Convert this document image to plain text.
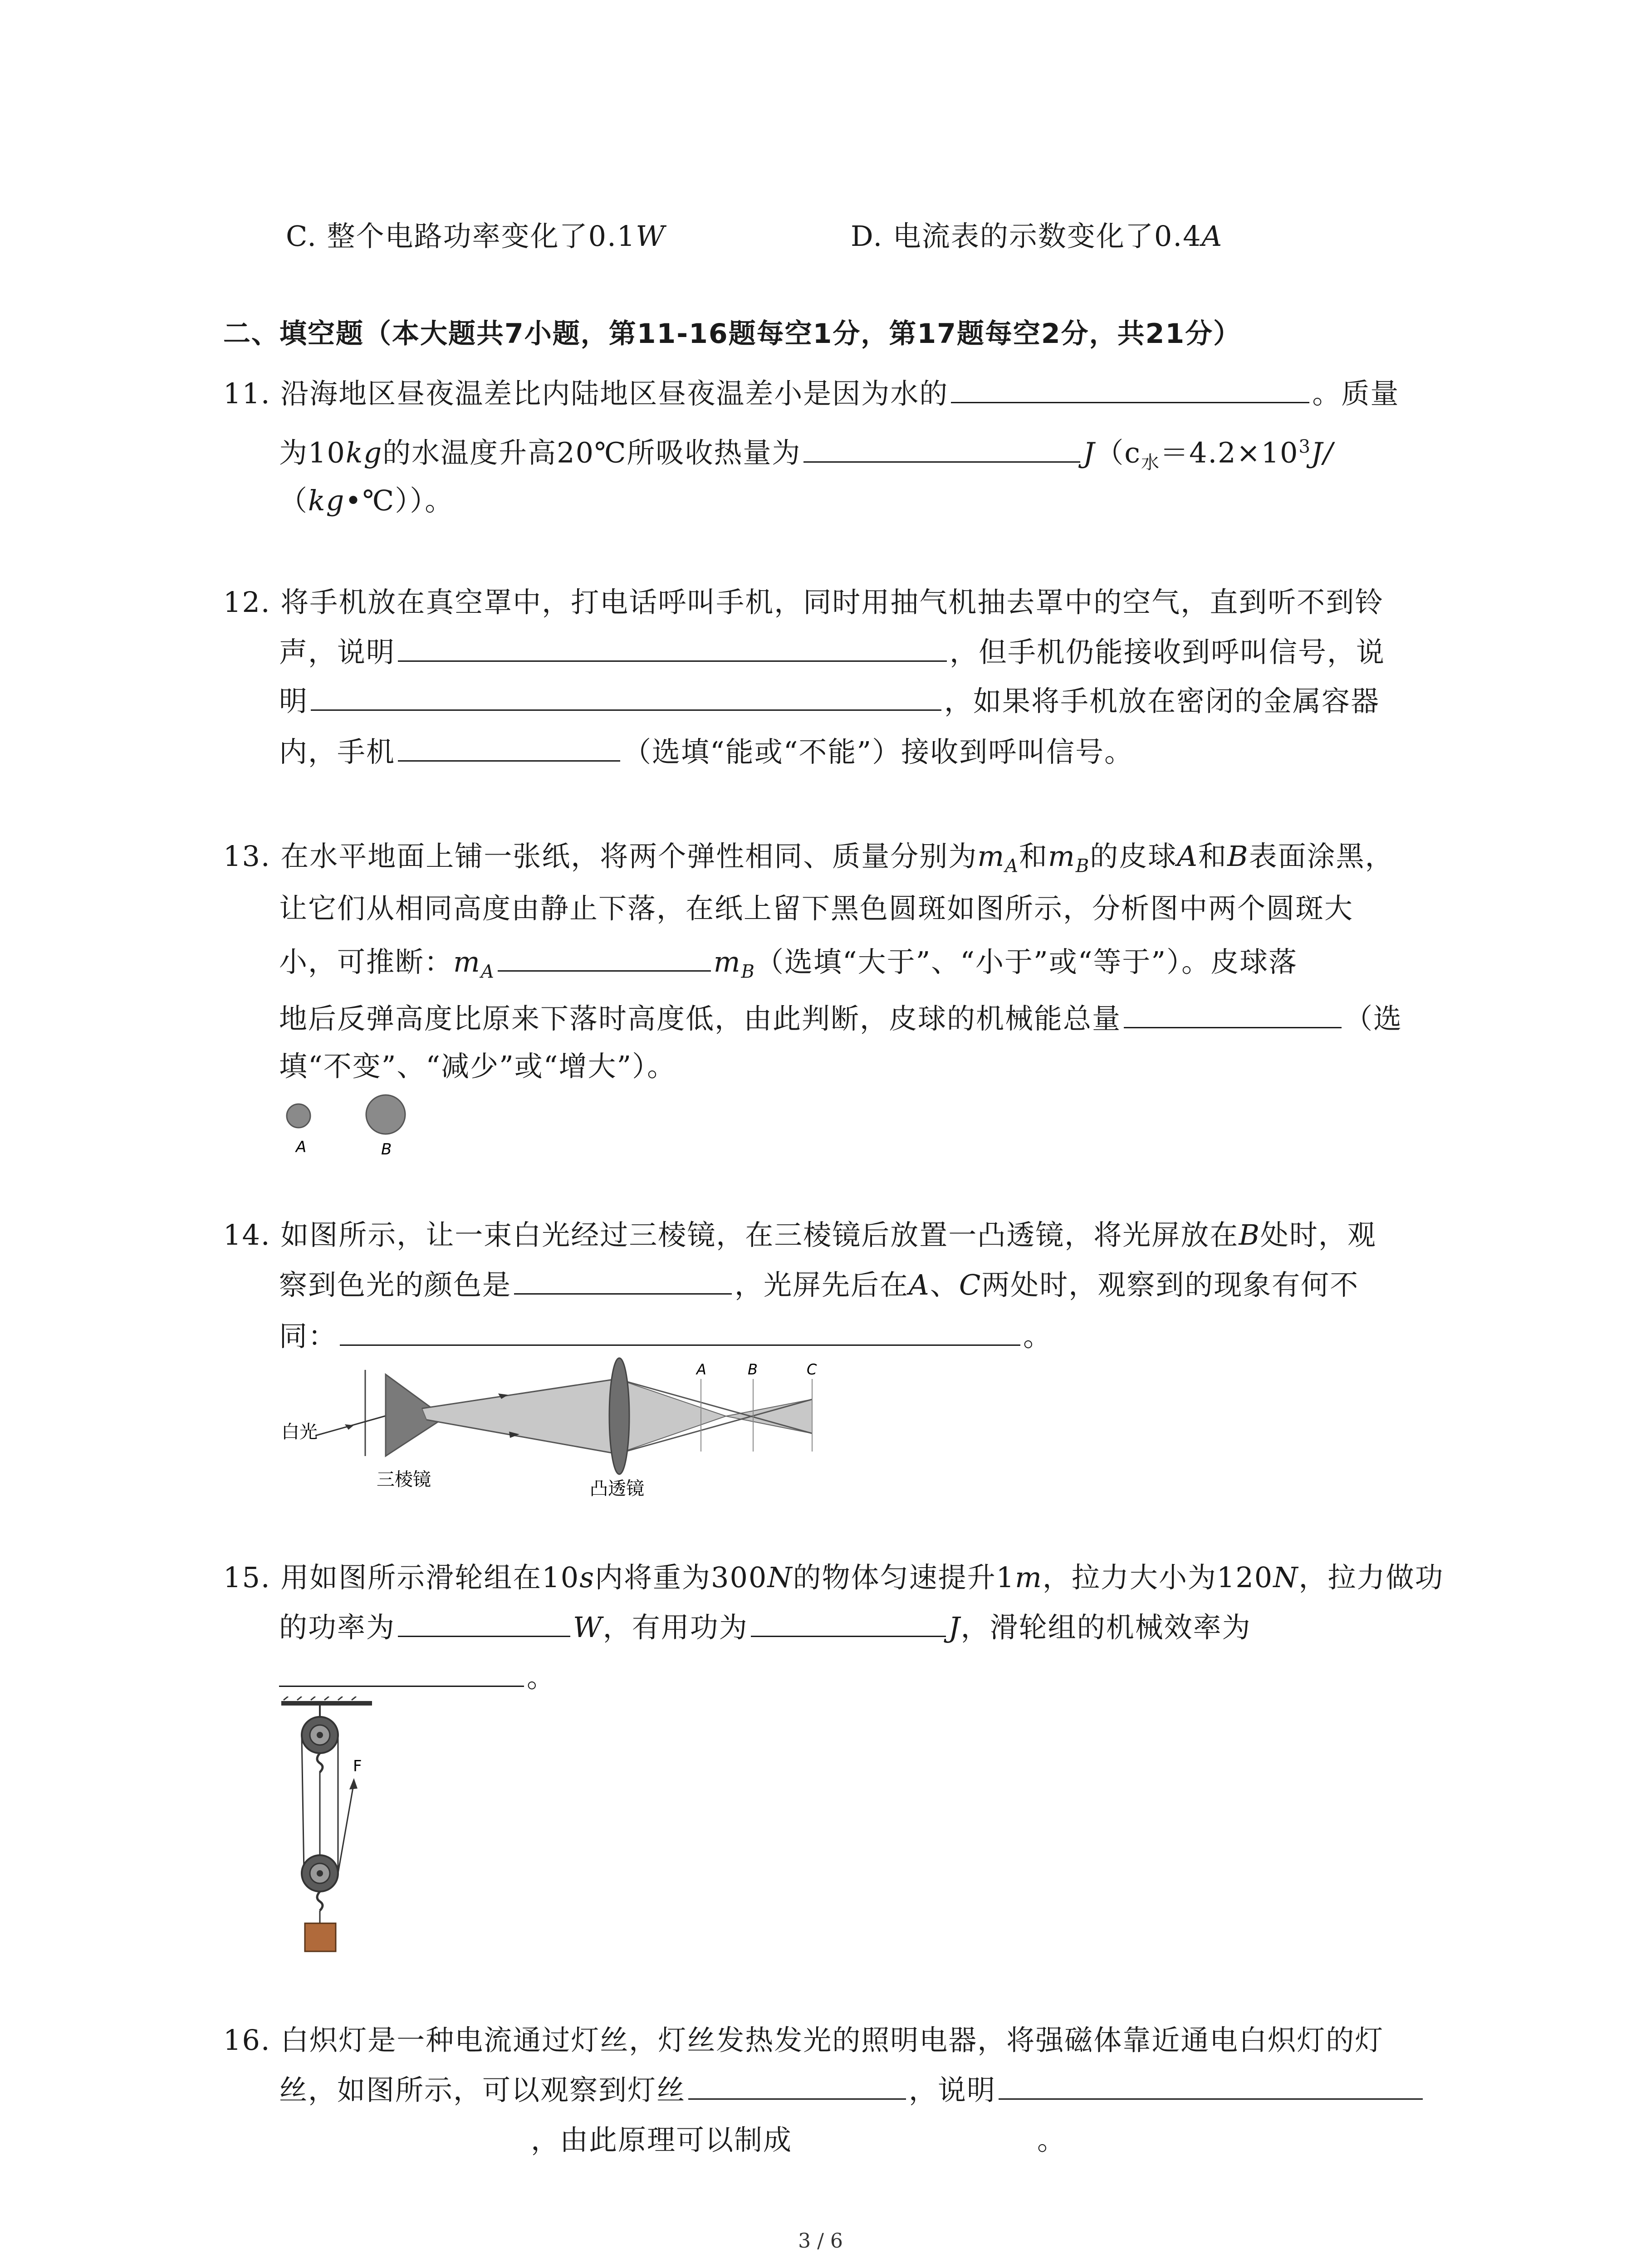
C. 整个电路功率变化了0.1W	D. 电流表的示数变化了0.4A
二、填空题（本大题共7小题，第11-16题每空1分，第17题每空2分，共21分）
11. 沿海地区昼夜温差比内陆地区昼夜温差小是因为水的	。质量
为10kg的水温度升高20℃所吸收热量为	$J(c_水=4.2\times 10^3J/$
（kg•℃））。
12. 将手机放在真空罩中，打电话呼叫手机，同时用抽气机抽去罩中的空气，直到听不到铃
声，说明	，但手机仍能接收到呼叫信号，说
明	，如果将手机放在密闭的金属容器
内，手机	（选填“能或“不能”）接收到呼叫信号。
13. 在水平地面上铺一张纸，将两个弹性相同、质量分别为$m_A$和$m_B$的皮球A和B表面涂黑，
让它们从相同高度由静止下落，在纸上留下黑色圆斑如图所示，分析图中两个圆斑大
小，可推断：$m_A$	$m_B$（选填“大于”、“小于”或“等于”）。皮球落
地后反弹高度比原来下落时高度低，由此判断，皮球的机械能总量	（选
填“不变”、“减少”或“增大”）。
A	B
14. 如图所示，让一束白光经过三棱镜，在三棱镜后放置一凸透镜，将光屏放在B处时，观
察到色光的颜色是	，光屏先后在A、C两处时，观察到的现象有何不
同：	。
A	B	C
白光
三棱镜	凸透镜
15. 用如图所示滑轮组在10s内将重为300N的物体匀速提升1m，拉力大小为120N，拉力做功
的功率为	W，有用功为	J，滑轮组的机械效率为
。
F
16. 白炽灯是一种电流通过灯丝，灯丝发热发光的照明电器，将强磁体靠近通电白炽灯的灯
丝，如图所示，可以观察到灯丝	，说明
，由此原理可以制成	。
3 / 6
